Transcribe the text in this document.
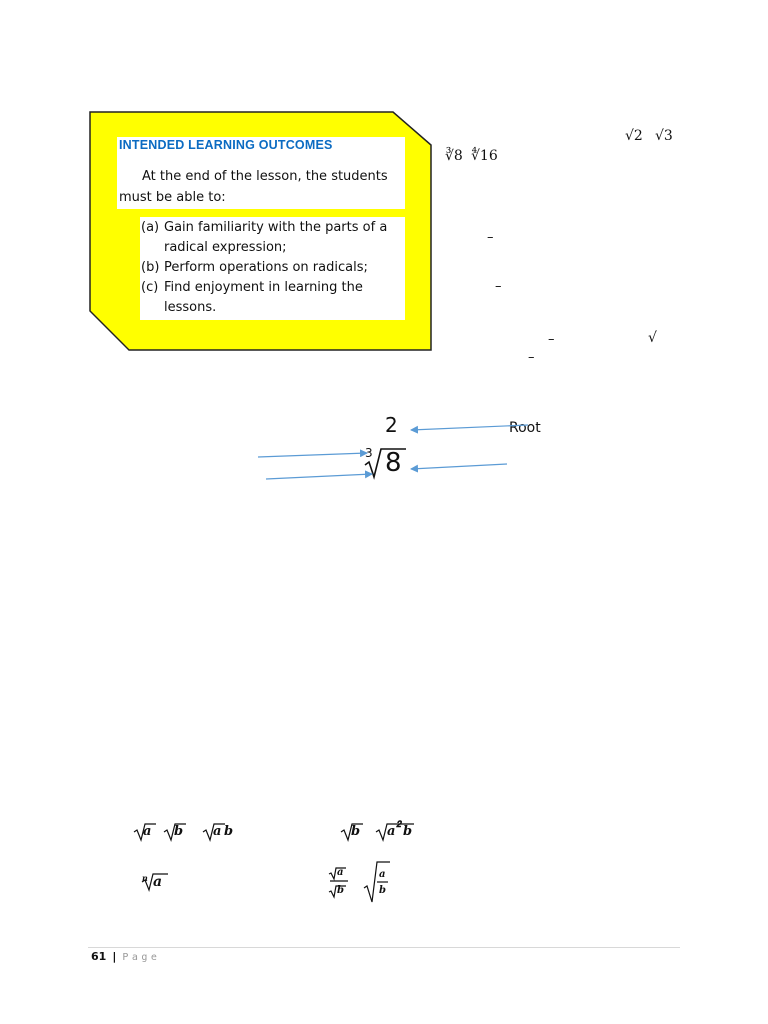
INTENDED LEARNING OUTCOMES
At the end of the lesson, the students must be able to:
(a) Gain familiarity with the parts of a radical expression;
(b) Perform operations on radicals;
(c) Find enjoyment in learning the lessons.
√2 √3
∛8 ∜16
–
–
–
–
√
2	Root
3 8
𝒂 𝒃 𝒂 𝒃	𝒃 𝒂 𝟐 𝒃
𝒏 𝒂
𝒂
𝒃
𝒂
𝒃
61 | Page
